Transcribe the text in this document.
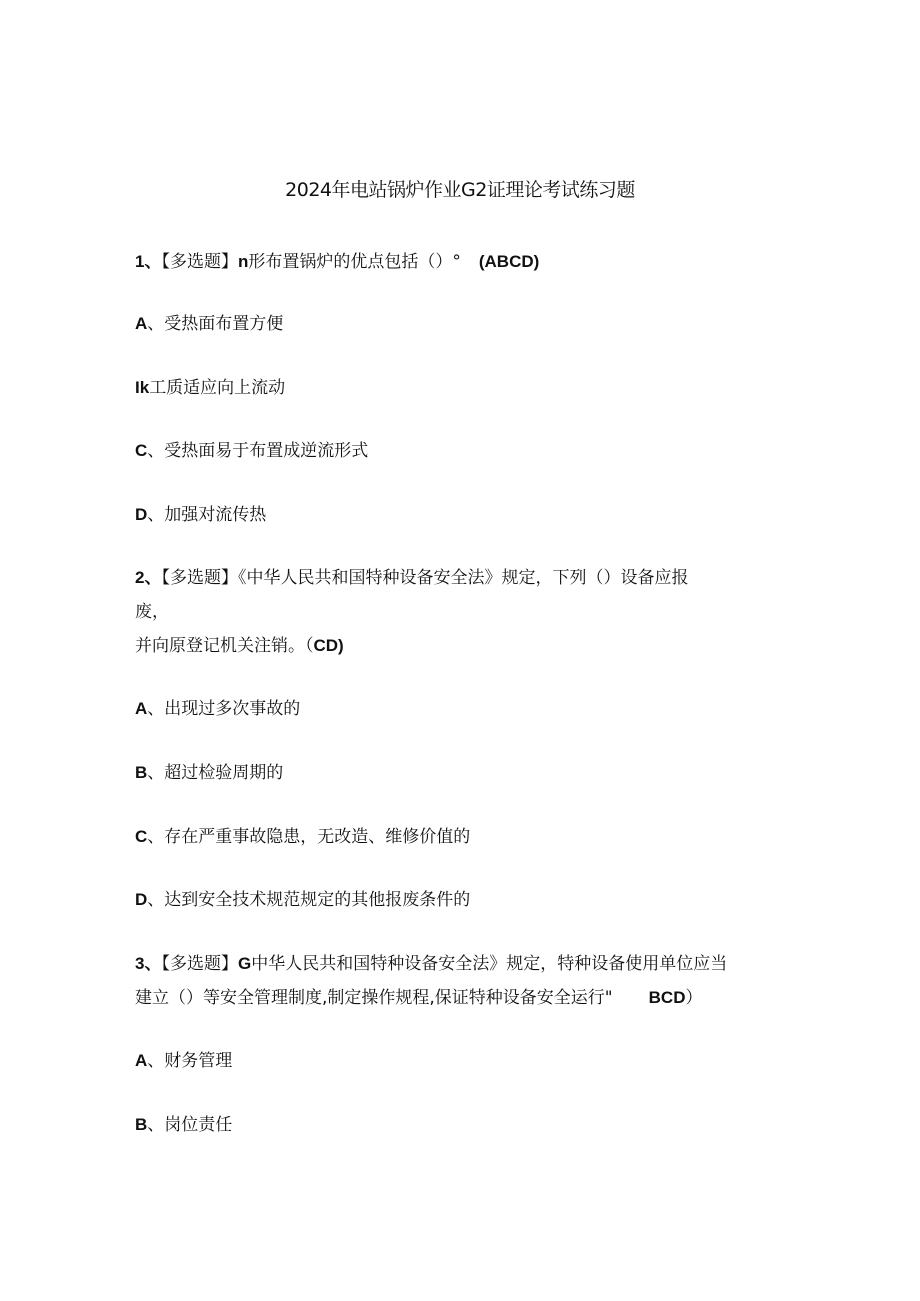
2024年电站锅炉作业G2证理论考试练习题
1、【多选题】n形布置锅炉的优点包括（）° (ABCD)
A、受热面布置方便
Ik工质适应向上流动
C、受热面易于布置成逆流形式
D、加强对流传热
2、【多选题】《中华人民共和国特种设备安全法》规定，下列（）设备应报
废，
并向原登记机关注销。（CD)
A、出现过多次事故的
B、超过检验周期的
C、存在严重事故隐患，无改造、维修价值的
D、达到安全技术规范规定的其他报废条件的
3、【多选题】G中华人民共和国特种设备安全法》规定，特种设备使用单位应当
建立（）等安全管理制度,制定操作规程,保证特种设备安全运行" BCD）
A、财务管理
B、岗位责任
